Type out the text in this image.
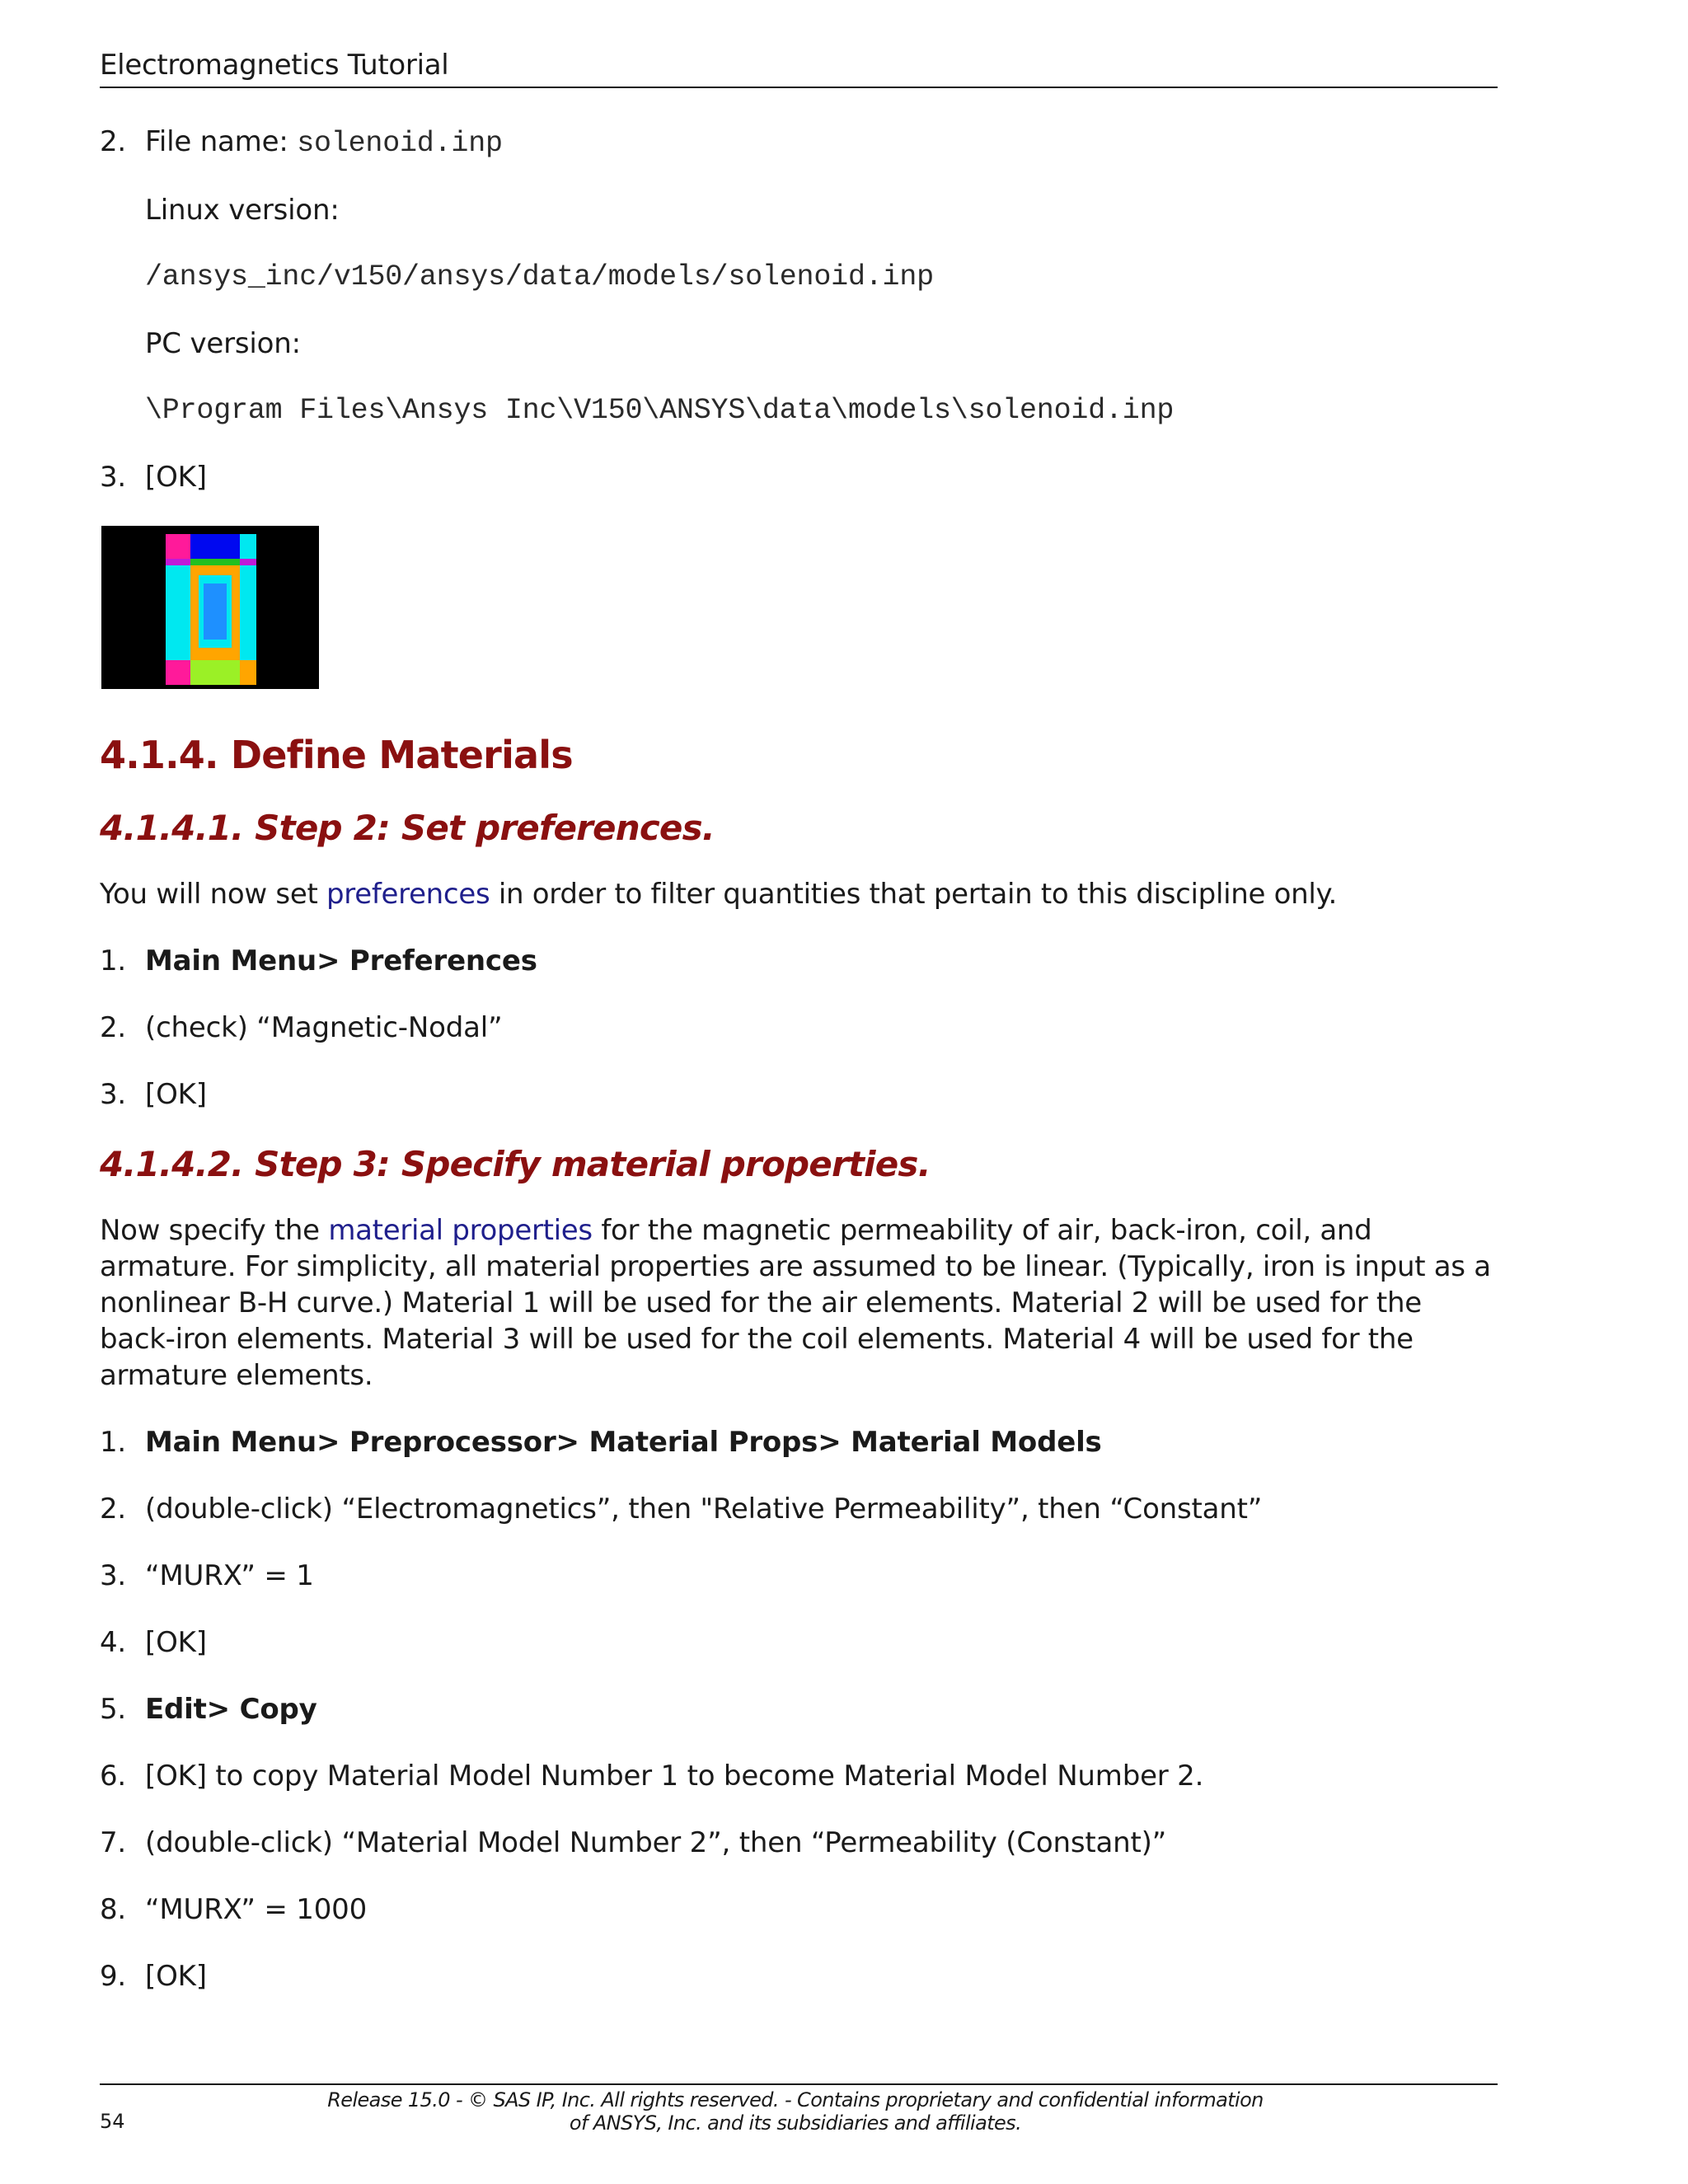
Electromagnetics Tutorial
2. File name: solenoid.inp
Linux version:
/ansys_inc/v150/ansys/data/models/solenoid.inp
PC version:
\Program Files\Ansys Inc\V150\ANSYS\data\models\solenoid.inp
3. [OK]
4.1.4. Define Materials
4.1.4.1. Step 2: Set preferences.

You will now set preferences in order to filter quantities that pertain to this discipline only.

1. Main Menu> Preferences
2. (check) “Magnetic-Nodal”
3. [OK]
4.1.4.2. Step 3: Specify material properties.

Now specify the material properties for the magnetic permeability of air, back-iron, coil, and armature. For simplicity, all material properties are assumed to be linear. (Typically, iron is input as a nonlinear B-H curve.) Material 1 will be used for the air elements. Material 2 will be used for the back-iron elements. Material 3 will be used for the coil elements. Material 4 will be used for the armature elements.

1. Main Menu> Preprocessor> Material Props> Material Models
2. (double-click) “Electromagnetics”, then "Relative Permeability”, then “Constant”
3. “MURX” = 1
4. [OK]
5. Edit> Copy
6. [OK] to copy Material Model Number 1 to become Material Model Number 2.
7. (double-click) “Material Model Number 2”, then “Permeability (Constant)”
8. “MURX” = 1000
9. [OK]
Release 15.0 - © SAS IP, Inc. All rights reserved. - Contains proprietary and confidential information
of ANSYS, Inc. and its subsidiaries and affiliates.
54
